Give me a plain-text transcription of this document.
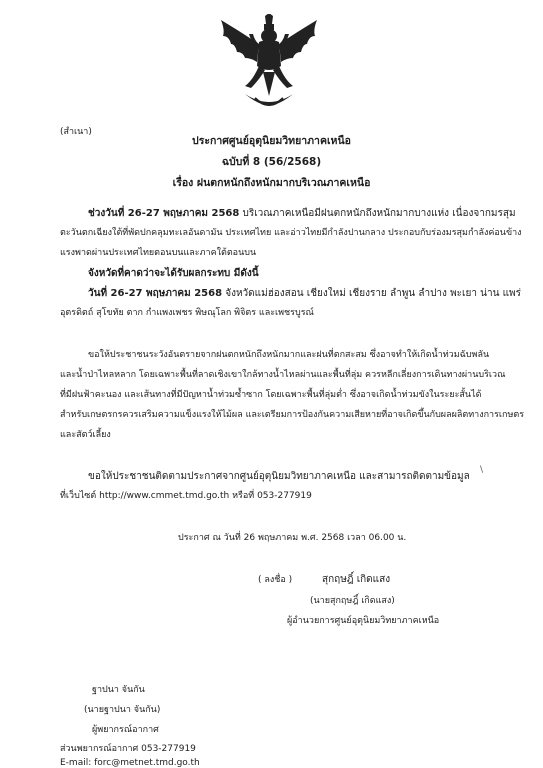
(สำเนา)
ประกาศศูนย์อุตุนิยมวิทยาภาคเหนือ
ฉบับที่ 8 (56/2568)
เรื่อง ฝนตกหนักถึงหนักมากบริเวณภาคเหนือ
ช่วงวันที่ 26-27 พฤษภาคม 2568 บริเวณภาคเหนือมีฝนตกหนักถึงหนักมากบางแห่ง เนื่องจากมรสุม
ตะวันตกเฉียงใต้ที่พัดปกคลุมทะเลอันดามัน ประเทศไทย และอ่าวไทยมีกำลังปานกลาง ประกอบกับร่องมรสุมกำลังค่อนข้าง
แรงพาดผ่านประเทศไทยตอนบนและภาคใต้ตอนบน
จังหวัดที่คาดว่าจะได้รับผลกระทบ มีดังนี้
วันที่ 26-27 พฤษภาคม 2568 จังหวัดแม่ฮ่องสอน เชียงใหม่ เชียงราย ลำพูน ลำปาง พะเยา น่าน แพร่
อุตรดิตถ์ สุโขทัย ตาก กำแพงเพชร พิษณุโลก พิจิตร และเพชรบูรณ์
ขอให้ประชาชนระวังอันตรายจากฝนตกหนักถึงหนักมากและฝนที่ตกสะสม ซึ่งอาจทำให้เกิดน้ำท่วมฉับพลัน
และน้ำป่าไหลหลาก โดยเฉพาะพื้นที่ลาดเชิงเขาใกล้ทางน้ำไหลผ่านและพื้นที่ลุ่ม ควรหลีกเลี่ยงการเดินทางผ่านบริเวณ
ที่มีฝนฟ้าคะนอง และเส้นทางที่มีปัญหาน้ำท่วมซ้ำซาก โดยเฉพาะพื้นที่ลุ่มต่ำ ซึ่งอาจเกิดน้ำท่วมขังในระยะสั้นได้
สำหรับเกษตรกรควรเสริมความแข็งแรงให้ไม้ผล และเตรียมการป้องกันความเสียหายที่อาจเกิดขึ้นกับผลผลิตทางการเกษตร
และสัตว์เลี้ยง
ขอให้ประชาชนติดตามประกาศจากศูนย์อุตุนิยมวิทยาภาคเหนือ และสามารถติดตามข้อมูล
ที่เว็บไซต์ http://www.cmmet.tmd.go.th หรือที่ 053-277919
\
ประกาศ ณ วันที่ 26 พฤษภาคม พ.ศ. 2568 เวลา 06.00 น.
( ลงชื่อ )	สุกฤษฎิ์ เกิดแสง
(นายสุกฤษฎิ์ เกิดแสง)
ผู้อำนวยการศูนย์อุตุนิยมวิทยาภาคเหนือ
ฐาปนา จันกัน
(นายฐาปนา จันกัน)
ผู้พยากรณ์อากาศ
ส่วนพยากรณ์อากาศ 053-277919
E-mail: forc@metnet.tmd.go.th
